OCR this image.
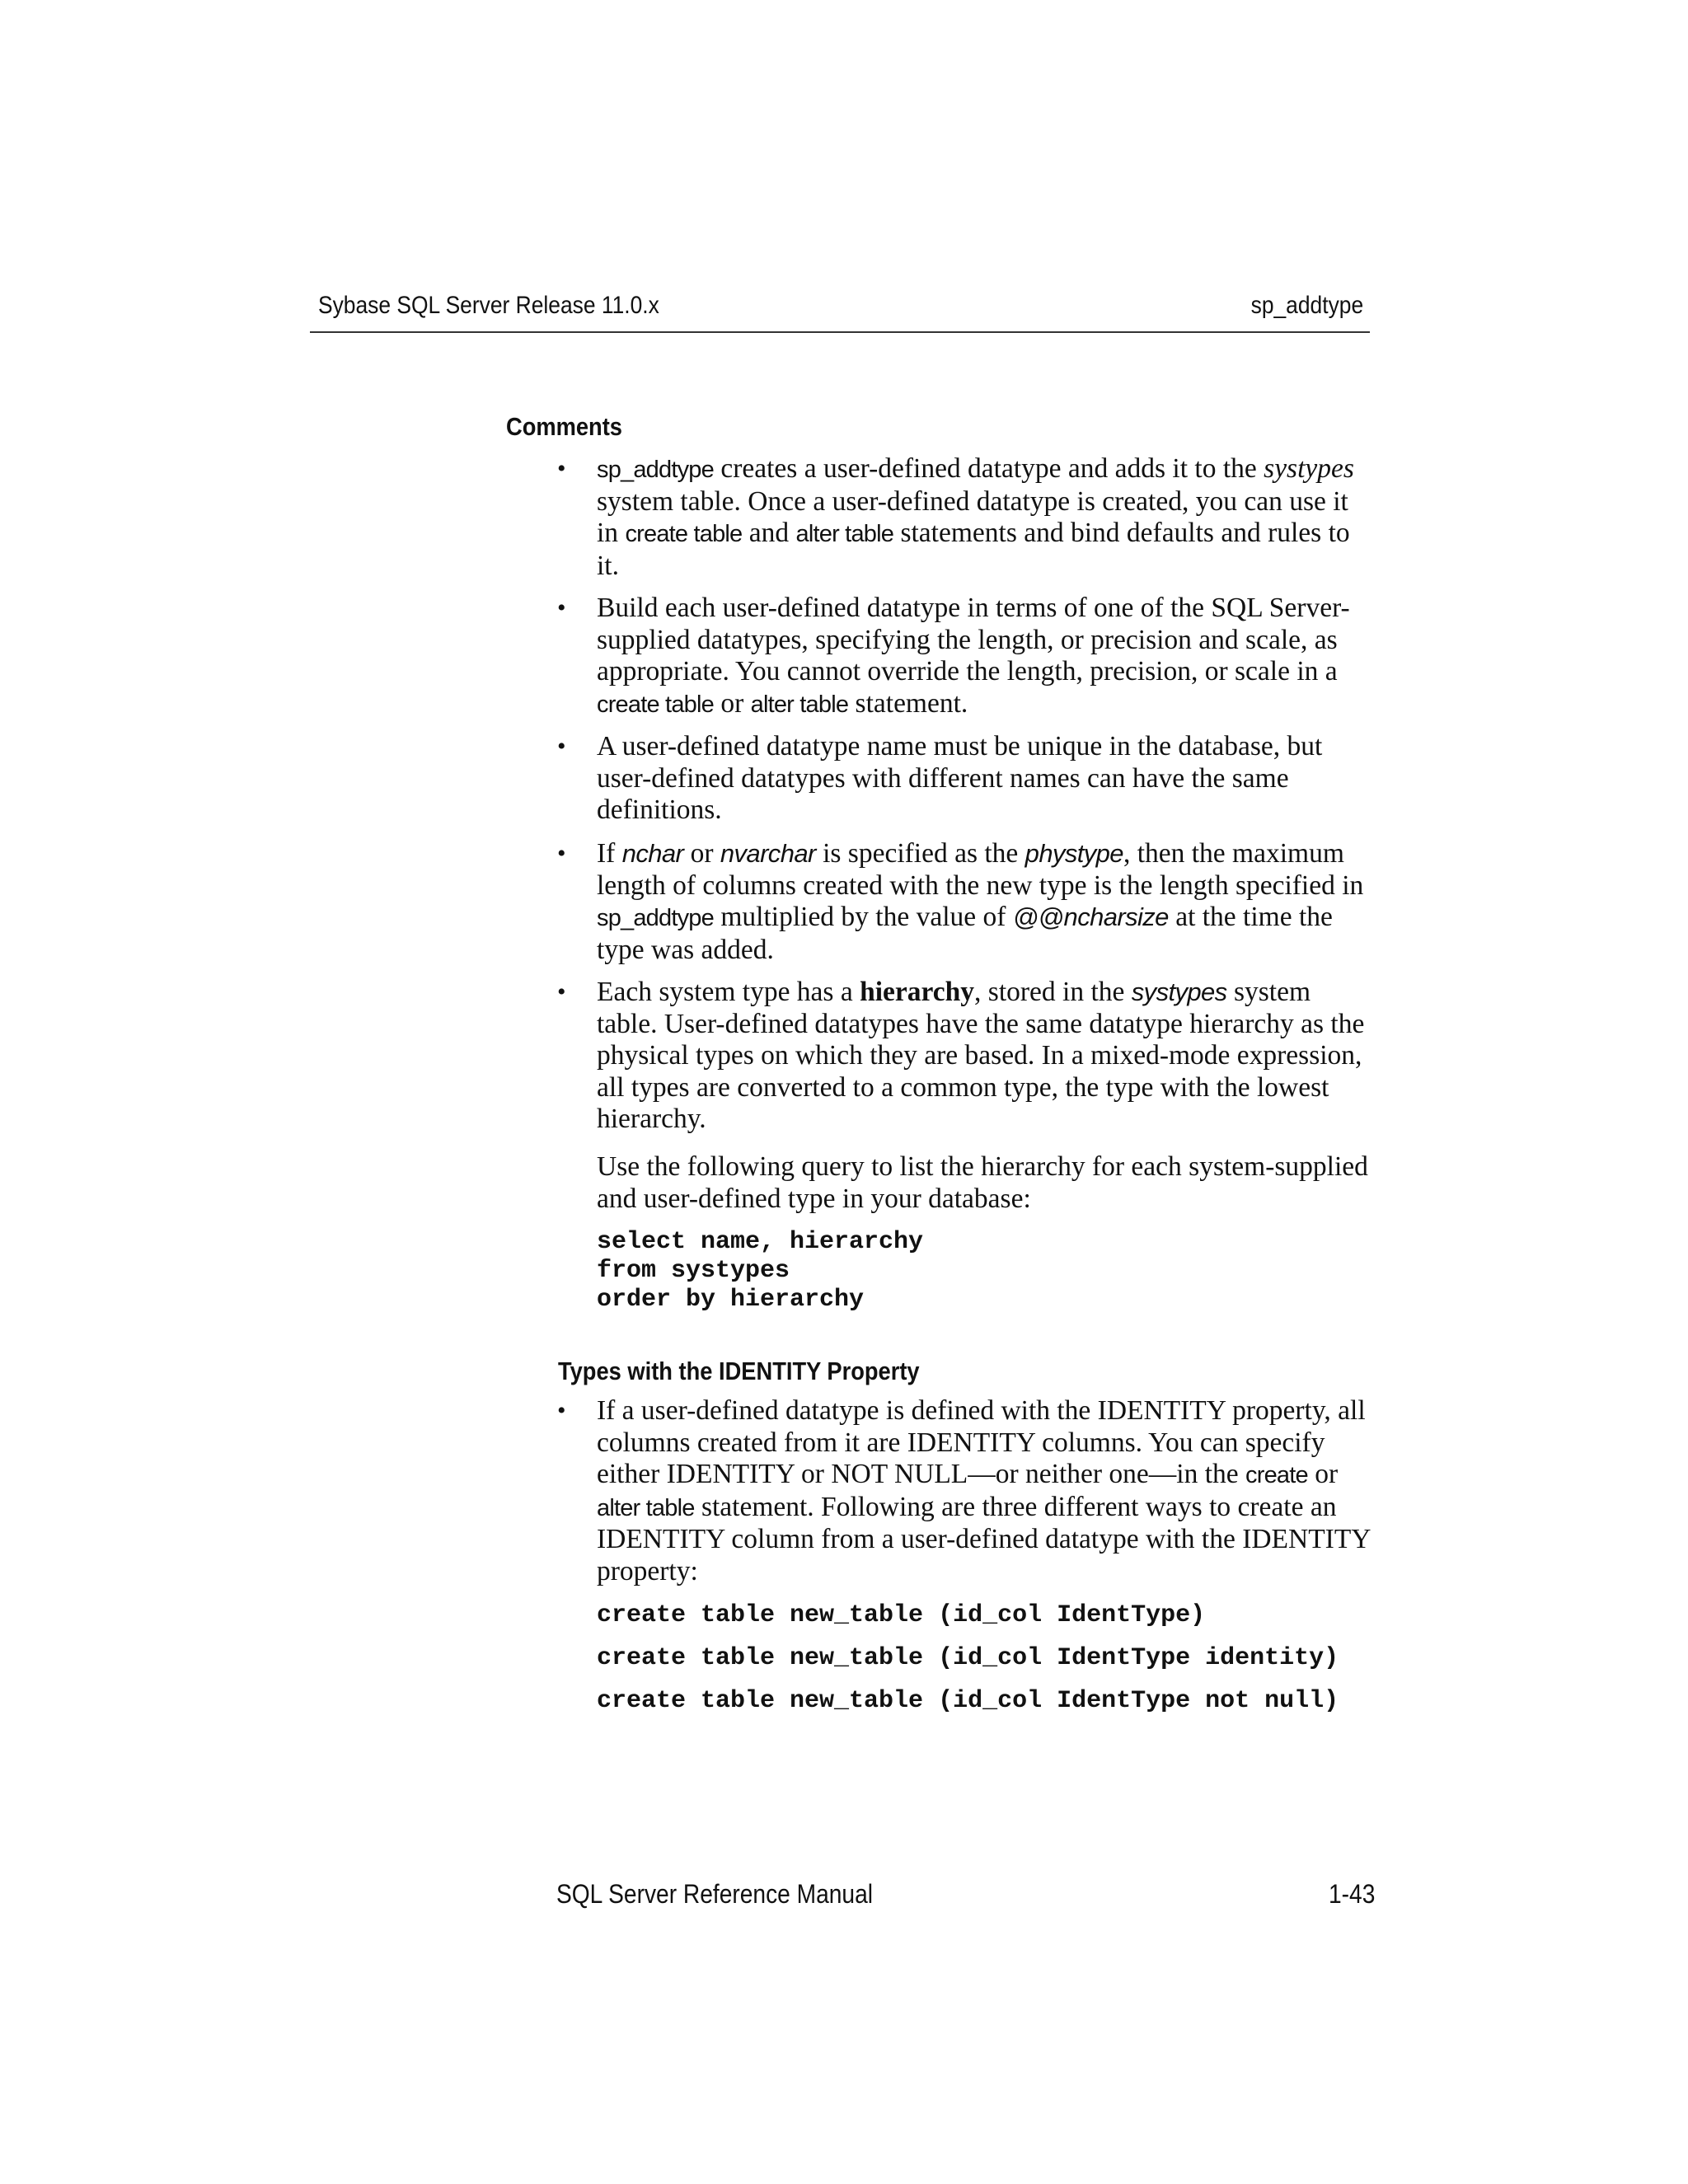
Sybase SQL Server Release 11.0.x	sp_addtype
Comments
• sp_addtype creates a user-defined datatype and adds it to the systypes system table. Once a user-defined datatype is created, you can use it in create table and alter table statements and bind defaults and rules to it.
• Build each user-defined datatype in terms of one of the SQL Server-supplied datatypes, specifying the length, or precision and scale, as appropriate. You cannot override the length, precision, or scale in a create table or alter table statement.
• A user-defined datatype name must be unique in the database, but user-defined datatypes with different names can have the same definitions.
• If nchar or nvarchar is specified as the phystype, then the maximum length of columns created with the new type is the length specified in sp_addtype multiplied by the value of @@ncharsize at the time the type was added.
• Each system type has a hierarchy, stored in the systypes system table. User-defined datatypes have the same datatype hierarchy as the physical types on which they are based. In a mixed-mode expression, all types are converted to a common type, the type with the lowest hierarchy.
Use the following query to list the hierarchy for each system-supplied and user-defined type in your database:
select name, hierarchy
from systypes
order by hierarchy
Types with the IDENTITY Property
• If a user-defined datatype is defined with the IDENTITY property, all columns created from it are IDENTITY columns. You can specify either IDENTITY or NOT NULL—or neither one—in the create or alter table statement. Following are three different ways to create an IDENTITY column from a user-defined datatype with the IDENTITY property:
create table new_table (id_col IdentType)
create table new_table (id_col IdentType identity)
create table new_table (id_col IdentType not null)
SQL Server Reference Manual	1-43
